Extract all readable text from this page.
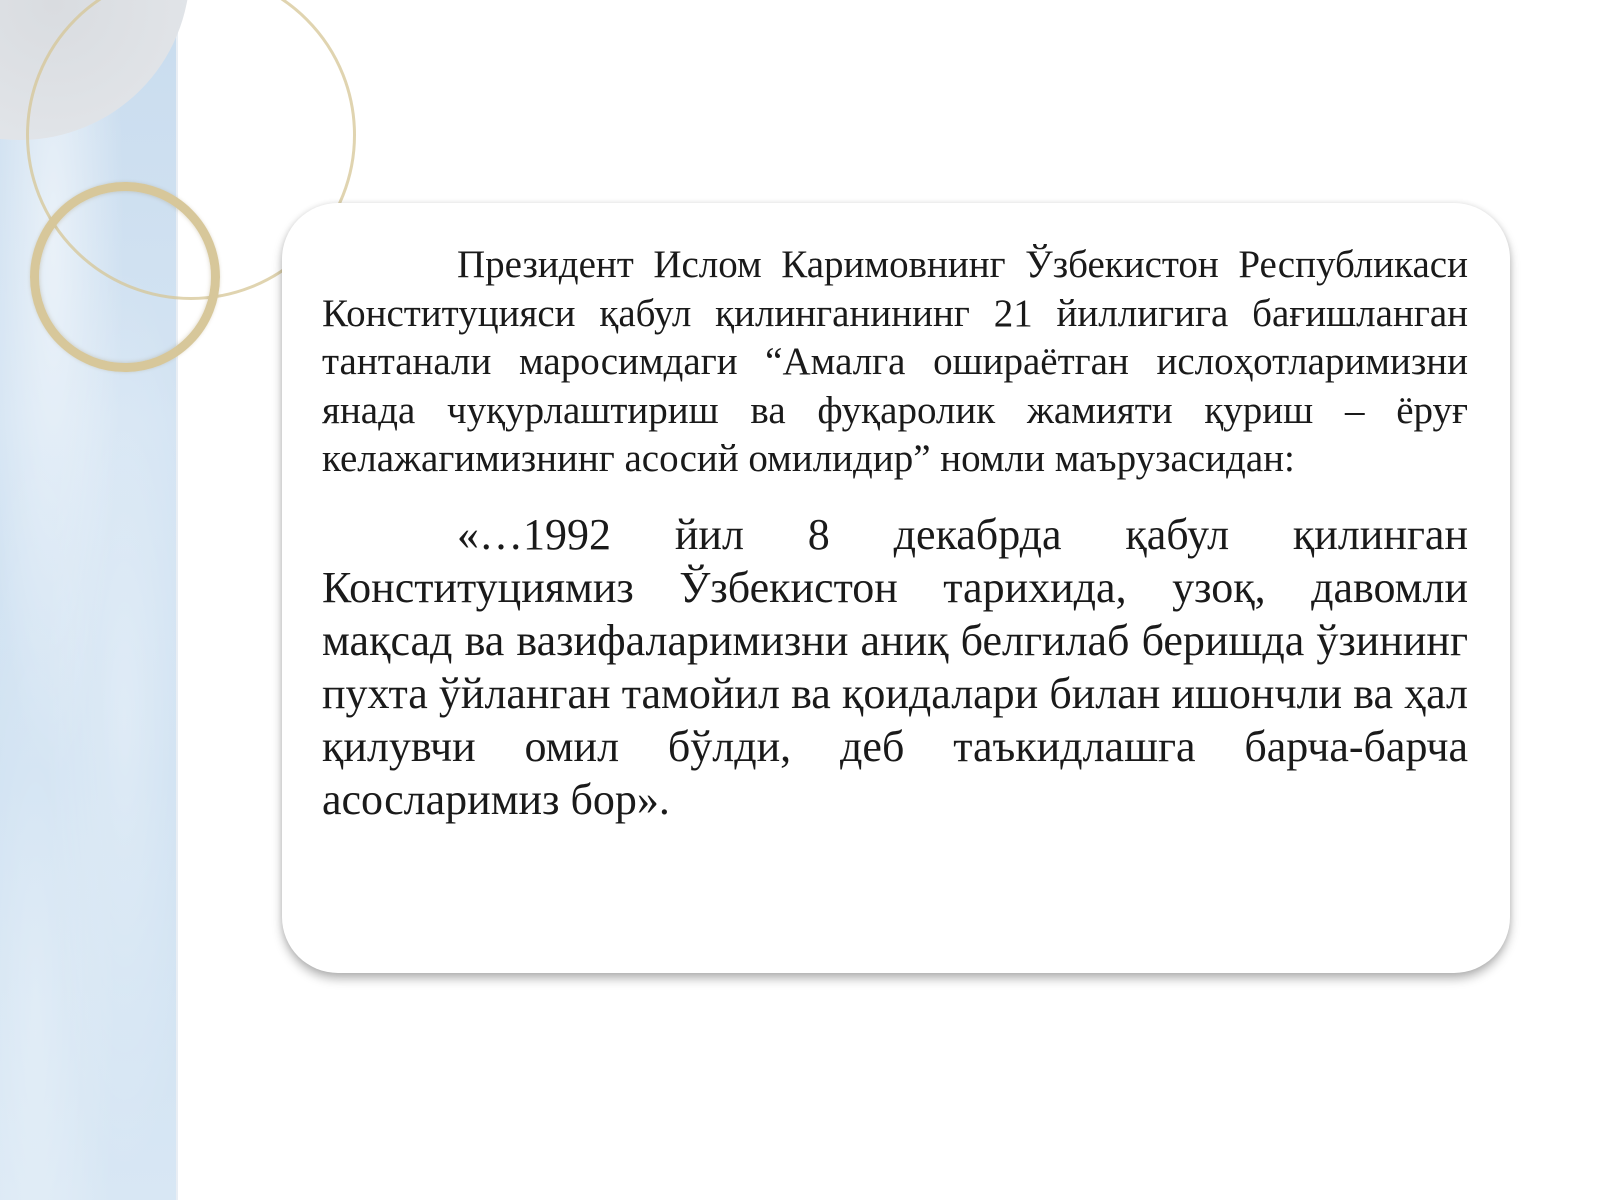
Президент Ислом Каримовнинг Ўзбекистон Республикаси Конституцияси қабул қилинганининг 21 йиллигига бағишланган тантанали маросимдаги “Амалга ошираётган ислоҳотларимизни янада чуқурлаштириш ва фуқаролик жамияти қуриш – ёруғ келажагимизнинг асосий омилидир” номли маърузасидан:

«…1992 йил 8 декабрда қабул қилинган Конституциямиз Ўзбекистон тарихида, узоқ, давомли мақсад ва вазифаларимизни аниқ белгилаб беришда ўзининг пухта ўйланган тамойил ва қоидалари билан ишончли ва ҳал қилувчи омил бўлди, деб таъкидлашга барча-барча асосларимиз бор».
